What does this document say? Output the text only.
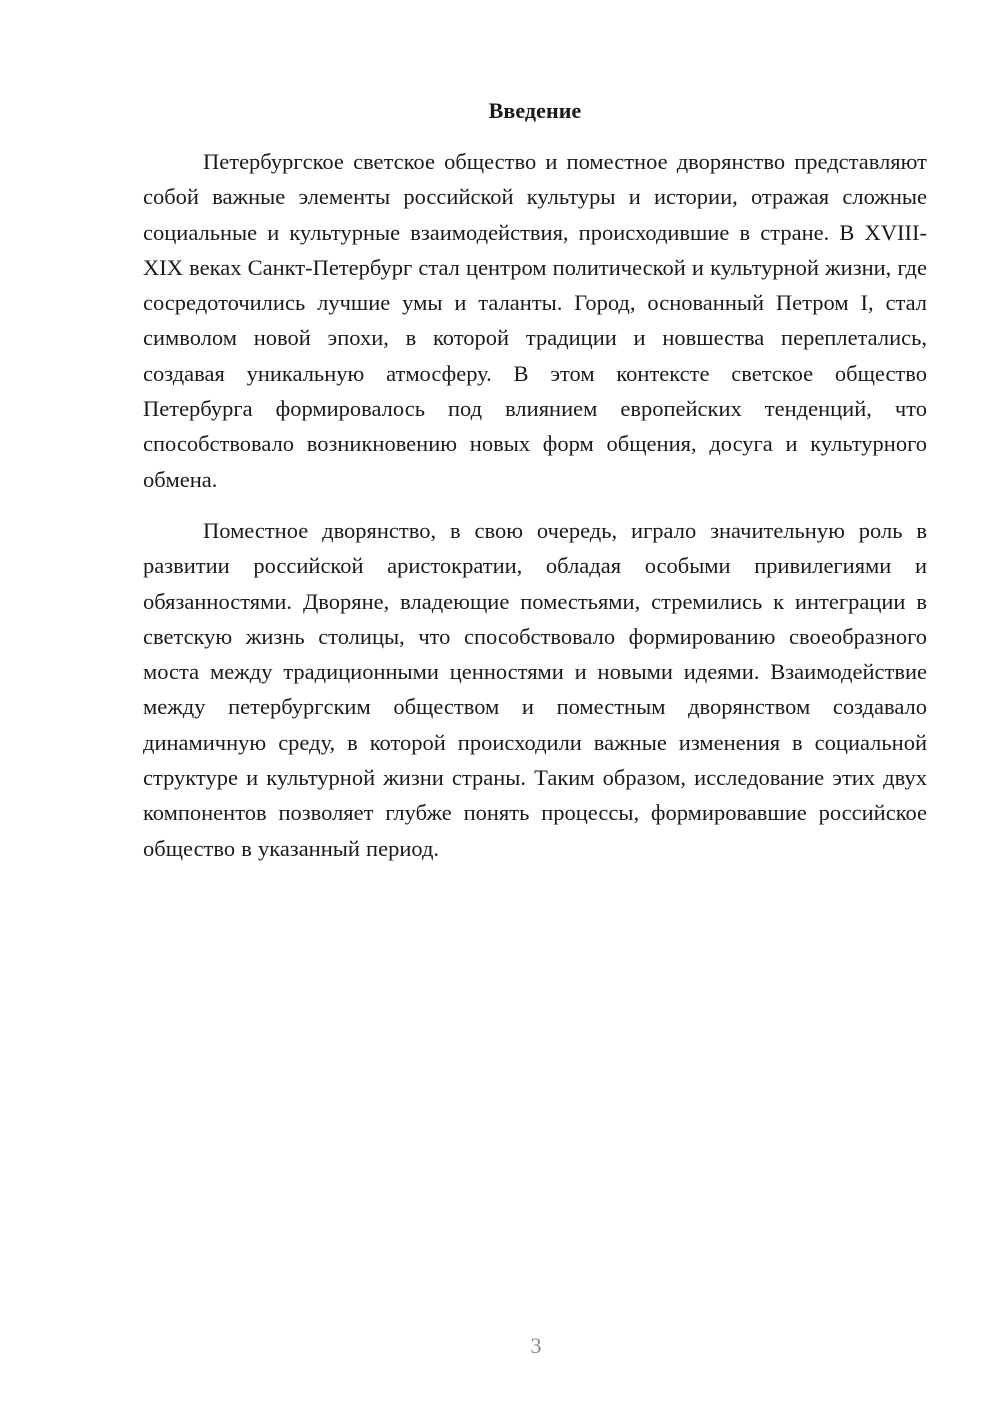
Введение

Петербургское светское общество и поместное дворянство представляют собой важные элементы российской культуры и истории, отражая сложные социальные и культурные взаимодействия, происходившие в стране. В XVIII-XIX веках Санкт-Петербург стал центром политической и культурной жизни, где сосредоточились лучшие умы и таланты. Город, основанный Петром I, стал символом новой эпохи, в которой традиции и новшества переплетались, создавая уникальную атмосферу. В этом контексте светское общество Петербурга формировалось под влиянием европейских тенденций, что способствовало возникновению новых форм общения, досуга и культурного обмена.

Поместное дворянство, в свою очередь, играло значительную роль в развитии российской аристократии, обладая особыми привилегиями и обязанностями. Дворяне, владеющие поместьями, стремились к интеграции в светскую жизнь столицы, что способствовало формированию своеобразного моста между традиционными ценностями и новыми идеями. Взаимодействие между петербургским обществом и поместным дворянством создавало динамичную среду, в которой происходили важные изменения в социальной структуре и культурной жизни страны. Таким образом, исследование этих двух компонентов позволяет глубже понять процессы, формировавшие российское общество в указанный период.

3
